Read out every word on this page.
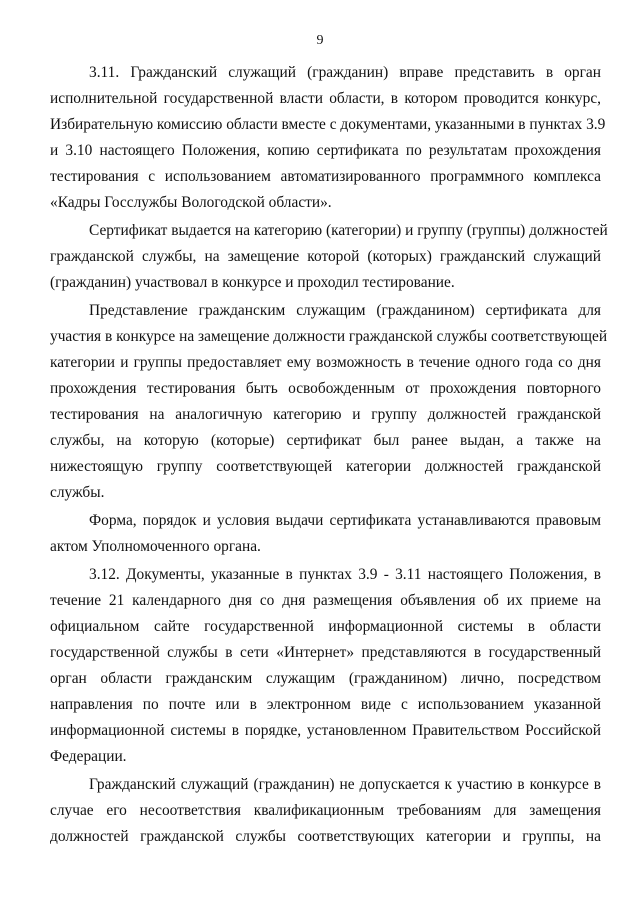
9
3.11. Гражданский служащий (гражданин) вправе представить в орган
исполнительной государственной власти области, в котором проводится конкурс,
Избирательную комиссию области вместе с документами, указанными в пунктах 3.9
и 3.10 настоящего Положения, копию сертификата по результатам прохождения
тестирования с использованием автоматизированного программного комплекса
«Кадры Госслужбы Вологодской области».
Сертификат выдается на категорию (категории) и группу (группы) должностей
гражданской службы, на замещение которой (которых) гражданский служащий
(гражданин) участвовал в конкурсе и проходил тестирование.
Представление гражданским служащим (гражданином) сертификата для
участия в конкурсе на замещение должности гражданской службы соответствующей
категории и группы предоставляет ему возможность в течение одного года со дня
прохождения тестирования быть освобожденным от прохождения повторного
тестирования на аналогичную категорию и группу должностей гражданской
службы, на которую (которые) сертификат был ранее выдан, а также на
нижестоящую группу соответствующей категории должностей гражданской
службы.
Форма, порядок и условия выдачи сертификата устанавливаются правовым
актом Уполномоченного органа.
3.12. Документы, указанные в пунктах 3.9 - 3.11 настоящего Положения, в
течение 21 календарного дня со дня размещения объявления об их приеме на
официальном сайте государственной информационной системы в области
государственной службы в сети «Интернет» представляются в государственный
орган области гражданским служащим (гражданином) лично, посредством
направления по почте или в электронном виде с использованием указанной
информационной системы в порядке, установленном Правительством Российской
Федерации.
Гражданский служащий (гражданин) не допускается к участию в конкурсе в
случае его несоответствия квалификационным требованиям для замещения
должностей гражданской службы соответствующих категории и группы, на
